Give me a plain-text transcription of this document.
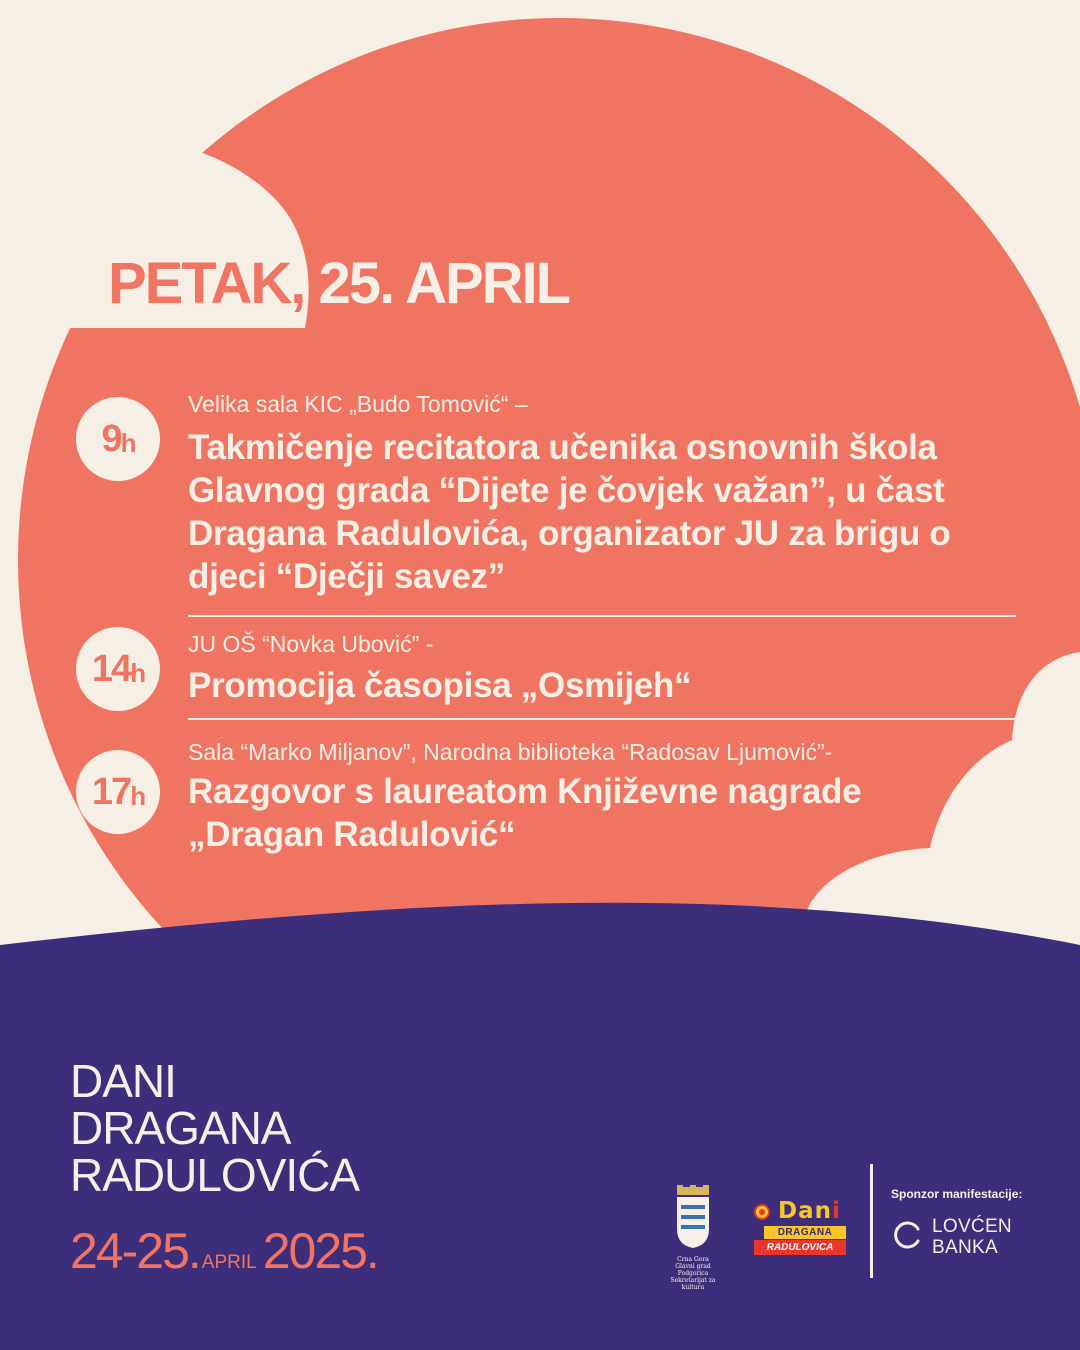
PETAK, 25. APRIL
9 h
Velika sala KIC „Budo Tomović“ –
Takmičenje recitatora učenika osnovnih škola Glavnog grada “Dijete je čovjek važan”, u čast Dragana Radulovića, organizator JU za brigu o djeci “Dječji savez”
14 h
JU OŠ “Novka Ubović” -
Promocija časopisa „Osmijeh“
17 h
Sala “Marko Miljanov”, Narodna biblioteka “Radosav Ljumović”-
Razgovor s laureatom Književne nagrade „Dragan Radulović“
DANI
DRAGANA
RADULOVIĆA
24-25. APRIL 2025.	Crna Gora
Glavni grad Podgorica
Sekretarijat za kulturu
Dani
DRAGANA
RADULOVICA
Sponzor manifestacije:
LOVĆEN
BANKA
